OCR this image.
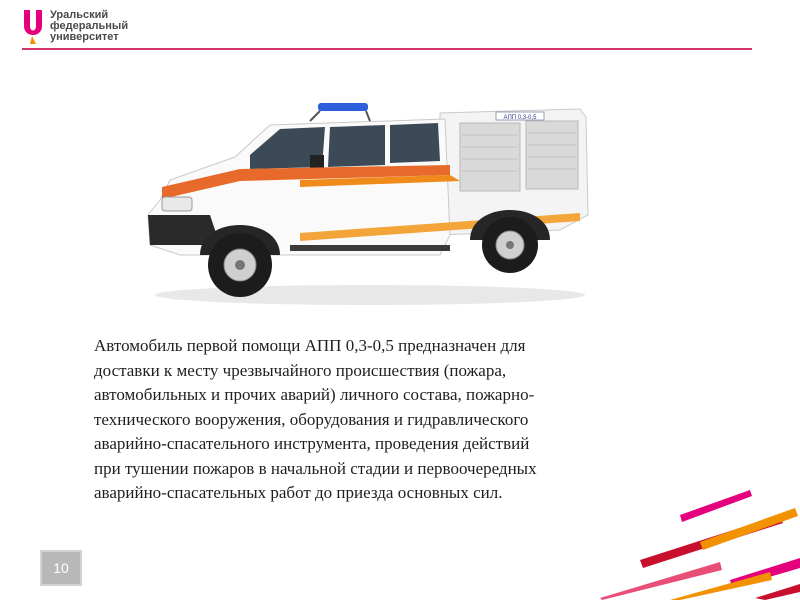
Уральский
федеральный
университет
АПП 0,3-0,5
Автомобиль первой помощи АПП 0,3-0,5 предназначен для
доставки к месту чрезвычайного происшествия (пожара,
автомобильных и прочих аварий) личного состава, пожарно-
технического вооружения, оборудования и гидравлического
аварийно-спасательного инструмента, проведения действий
при тушении пожаров в начальной стадии и первоочередных
аварийно-спасательных работ до приезда основных сил.
10
